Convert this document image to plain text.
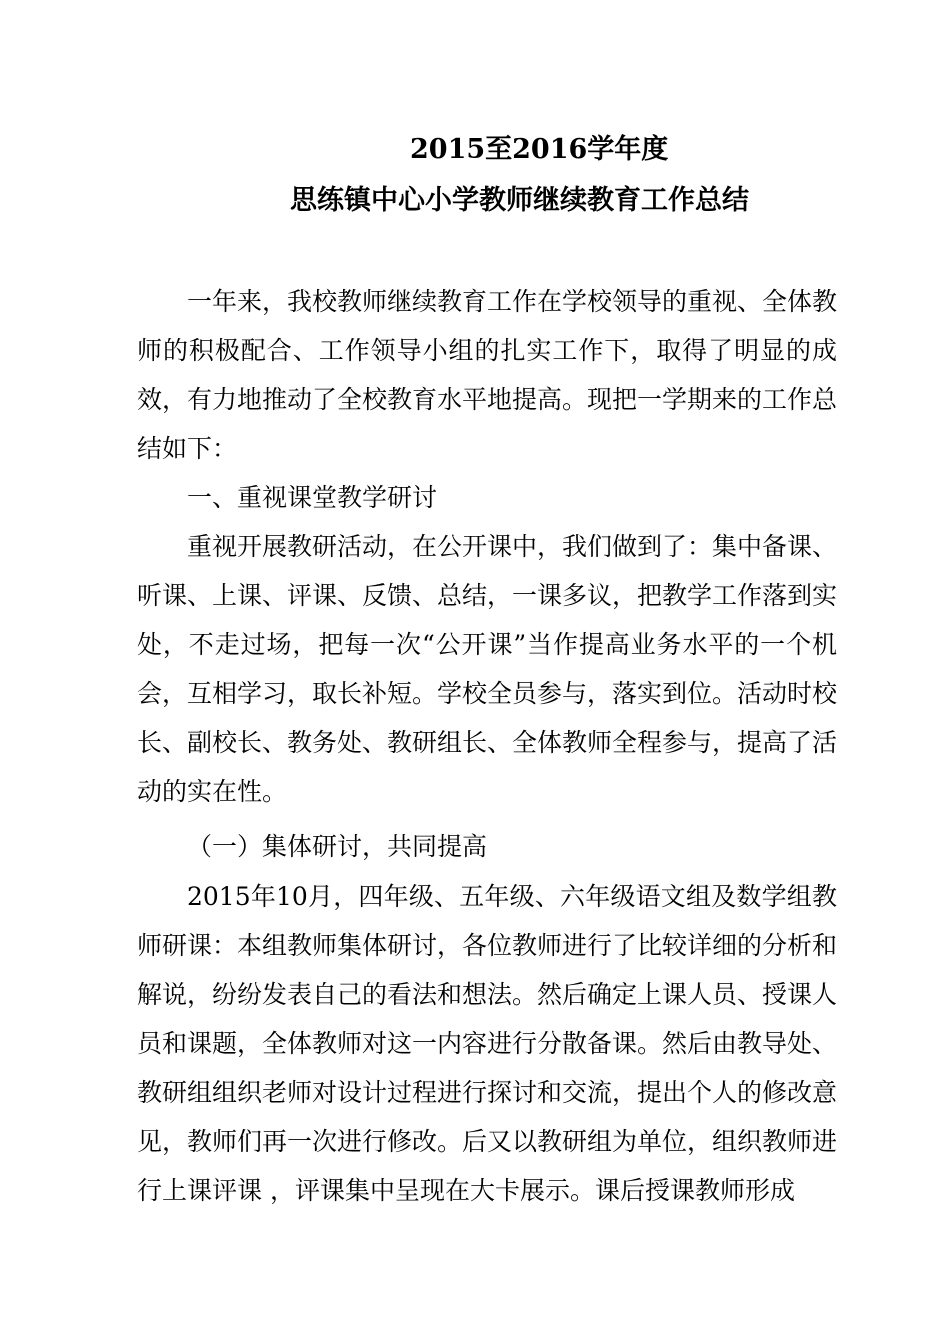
2015至2016学年度
思练镇中心小学教师继续教育工作总结

一年来，我校教师继续教育工作在学校领导的重视、全体教师的积极配合、工作领导小组的扎实工作下，取得了明显的成效，有力地推动了全校教育水平地提高。现把一学期来的工作总结如下：

一、重视课堂教学研讨

重视开展教研活动，在公开课中，我们做到了：集中备课、听课、上课、评课、反馈、总结，一课多议，把教学工作落到实处，不走过场，把每一次“公开课”当作提高业务水平的一个机会，互相学习，取长补短。学校全员参与，落实到位。活动时校长、副校长、教务处、教研组长、全体教师全程参与，提高了活动的实在性。

（一）集体研讨，共同提高

2015年10月，四年级、五年级、六年级语文组及数学组教师研课：本组教师集体研讨，各位教师进行了比较详细的分析和解说，纷纷发表自己的看法和想法。然后确定上课人员、授课人员和课题，全体教师对这一内容进行分散备课。然后由教导处、教研组组织老师对设计过程进行探讨和交流，提出个人的修改意见，教师们再一次进行修改。后又以教研组为单位，组织教师进行上课评课 ，评课集中呈现在大卡展示。课后授课教师形成
